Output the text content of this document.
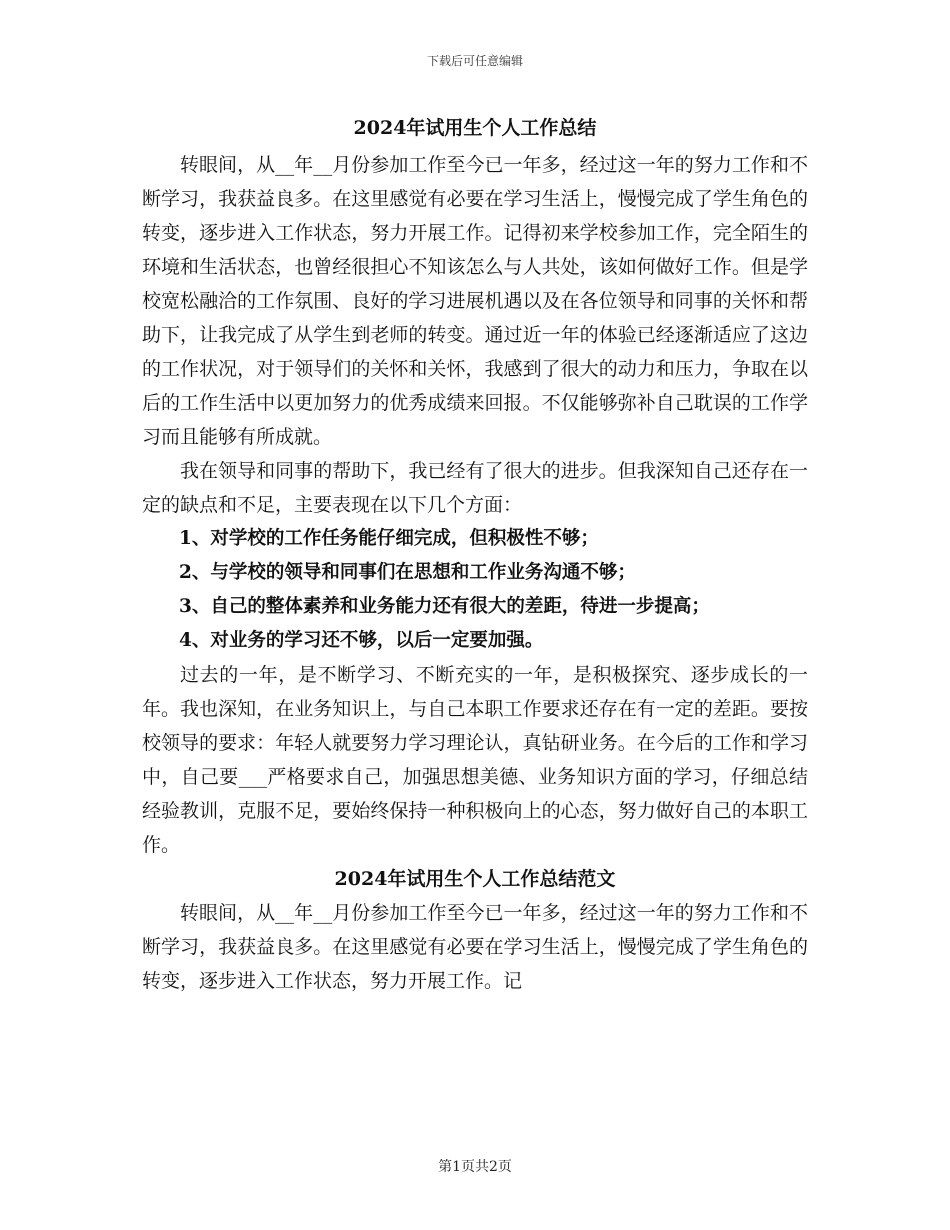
下载后可任意编辑
2024年试用生个人工作总结

转眼间，从__年__月份参加工作至今已一年多，经过这一年的努力工作和不断学习，我获益良多。在这里感觉有必要在学习生活上，慢慢完成了学生角色的转变，逐步进入工作状态，努力开展工作。记得初来学校参加工作，完全陌生的环境和生活状态，也曾经很担心不知该怎么与人共处，该如何做好工作。但是学校宽松融洽的工作氛围、良好的学习进展机遇以及在各位领导和同事的关怀和帮助下，让我完成了从学生到老师的转变。通过近一年的体验已经逐渐适应了这边的工作状况，对于领导们的关怀和关怀，我感到了很大的动力和压力，争取在以后的工作生活中以更加努力的优秀成绩来回报。不仅能够弥补自己耽误的工作学习而且能够有所成就。

我在领导和同事的帮助下，我已经有了很大的进步。但我深知自己还存在一定的缺点和不足，主要表现在以下几个方面：

1、对学校的工作任务能仔细完成，但积极性不够；

2、与学校的领导和同事们在思想和工作业务沟通不够；

3、自己的整体素养和业务能力还有很大的差距，待进一步提高；

4、对业务的学习还不够，以后一定要加强。

过去的一年，是不断学习、不断充实的一年，是积极探究、逐步成长的一年。我也深知，在业务知识上，与自己本职工作要求还存在有一定的差距。要按校领导的要求：年轻人就要努力学习理论认，真钻研业务。在今后的工作和学习中，自己要___严格要求自己，加强思想美德、业务知识方面的学习，仔细总结经验教训，克服不足，要始终保持一种积极向上的心态，努力做好自己的本职工作。

2024年试用生个人工作总结范文

转眼间，从__年__月份参加工作至今已一年多，经过这一年的努力工作和不断学习，我获益良多。在这里感觉有必要在学习生活上，慢慢完成了学生角色的转变，逐步进入工作状态，努力开展工作。记

第1页共2页
